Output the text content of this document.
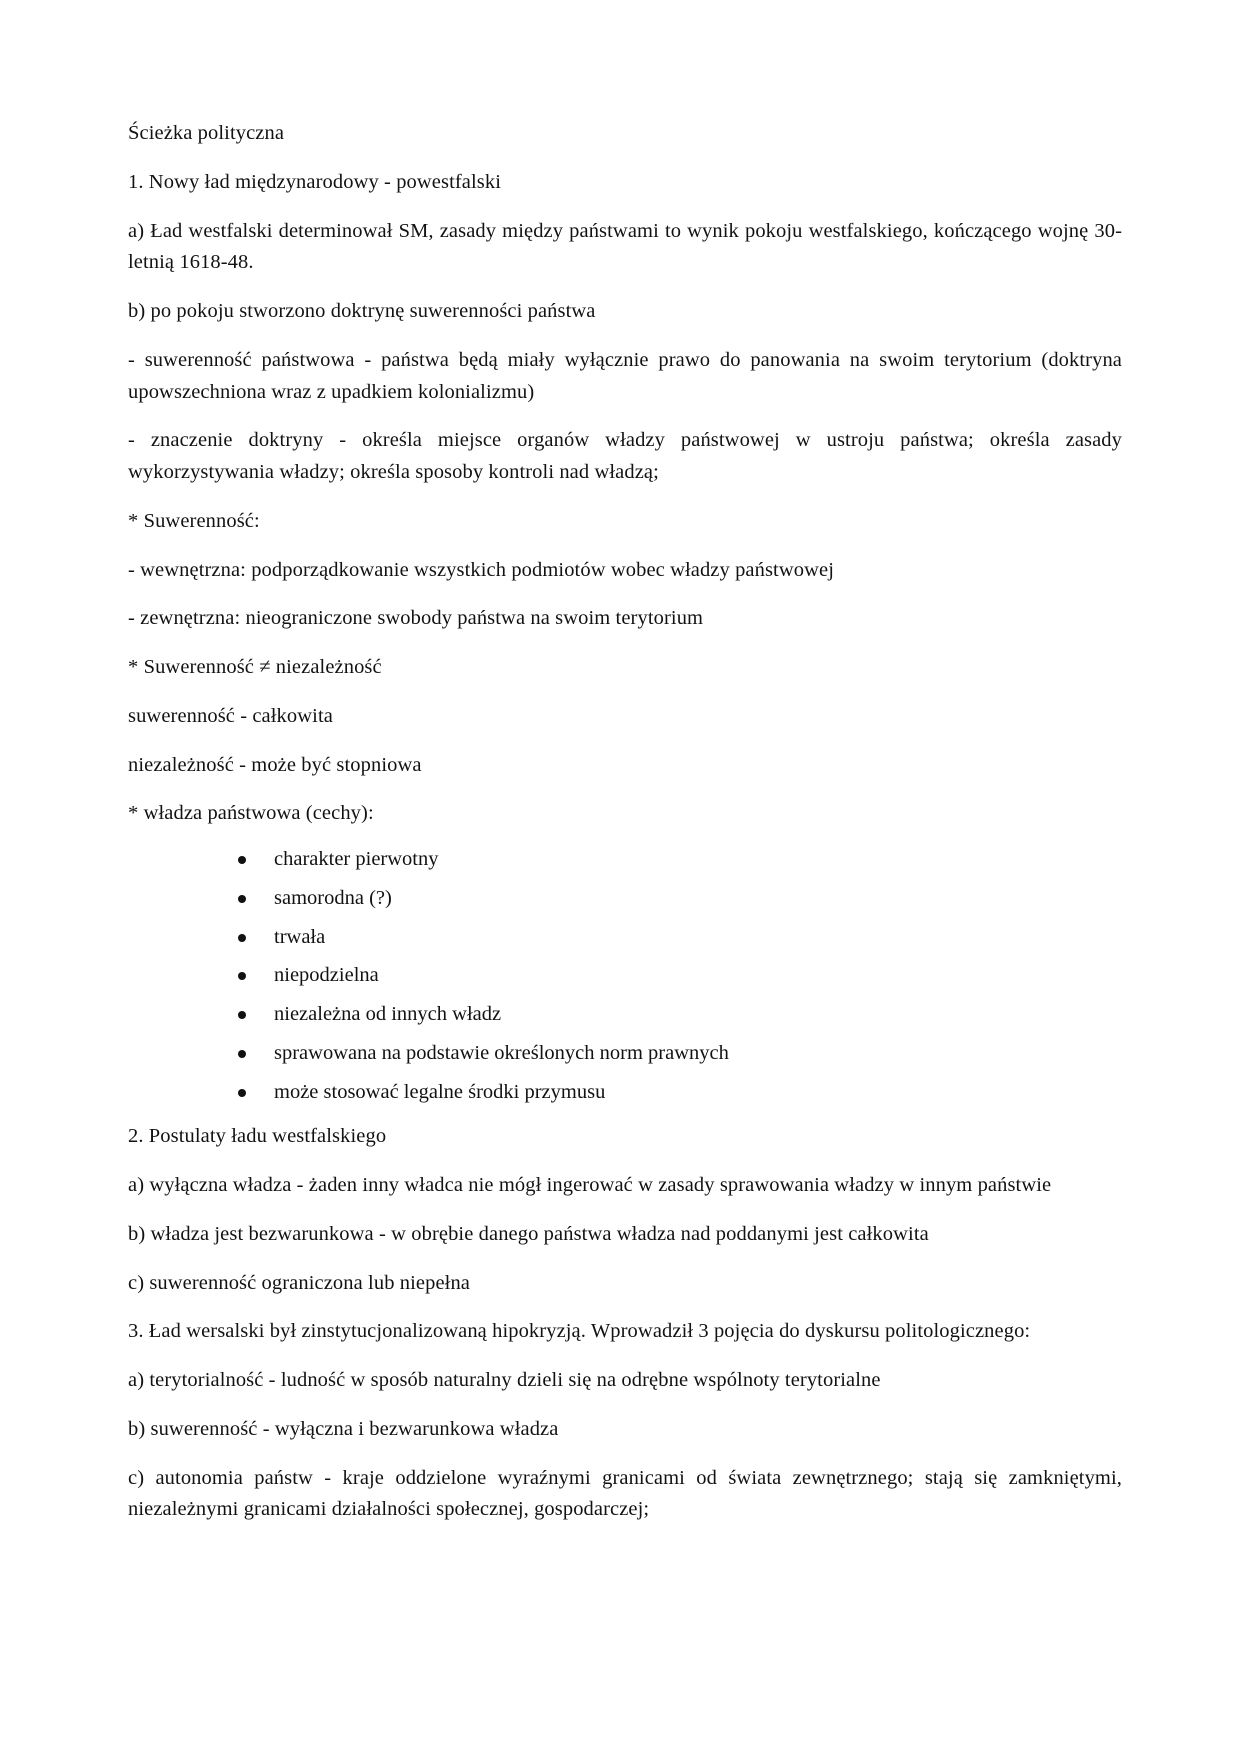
Ścieżka polityczna

1. Nowy ład międzynarodowy - powestfalski

a) Ład westfalski determinował SM, zasady między państwami to wynik pokoju westfalskiego, kończącego wojnę 30-letnią 1618-48.

b) po pokoju stworzono doktrynę suwerenności państwa

- suwerenność państwowa - państwa będą miały wyłącznie prawo do panowania na swoim terytorium (doktryna upowszechniona wraz z upadkiem kolonializmu)

- znaczenie doktryny - określa miejsce organów władzy państwowej w ustroju państwa; określa zasady wykorzystywania władzy; określa sposoby kontroli nad władzą;

* Suwerenność:

- wewnętrzna: podporządkowanie wszystkich podmiotów wobec władzy państwowej

- zewnętrzna: nieograniczone swobody państwa na swoim terytorium

* Suwerenność ≠ niezależność

suwerenność - całkowita

niezależność - może być stopniowa

* władza państwowa (cechy):

charakter pierwotny
samorodna (?)
trwała
niepodzielna
niezależna od innych władz
sprawowana na podstawie określonych norm prawnych
może stosować legalne środki przymusu

2. Postulaty ładu westfalskiego

a) wyłączna władza - żaden inny władca nie mógł ingerować w zasady sprawowania władzy w innym państwie

b) władza jest bezwarunkowa - w obrębie danego państwa władza nad poddanymi jest całkowita

c) suwerenność ograniczona lub niepełna

3. Ład wersalski był zinstytucjonalizowaną hipokryzją. Wprowadził 3 pojęcia do dyskursu politologicznego:

a) terytorialność - ludność w sposób naturalny dzieli się na odrębne wspólnoty terytorialne

b) suwerenność - wyłączna i bezwarunkowa władza

c) autonomia państw - kraje oddzielone wyraźnymi granicami od świata zewnętrznego; stają się zamkniętymi, niezależnymi granicami działalności społecznej, gospodarczej;
